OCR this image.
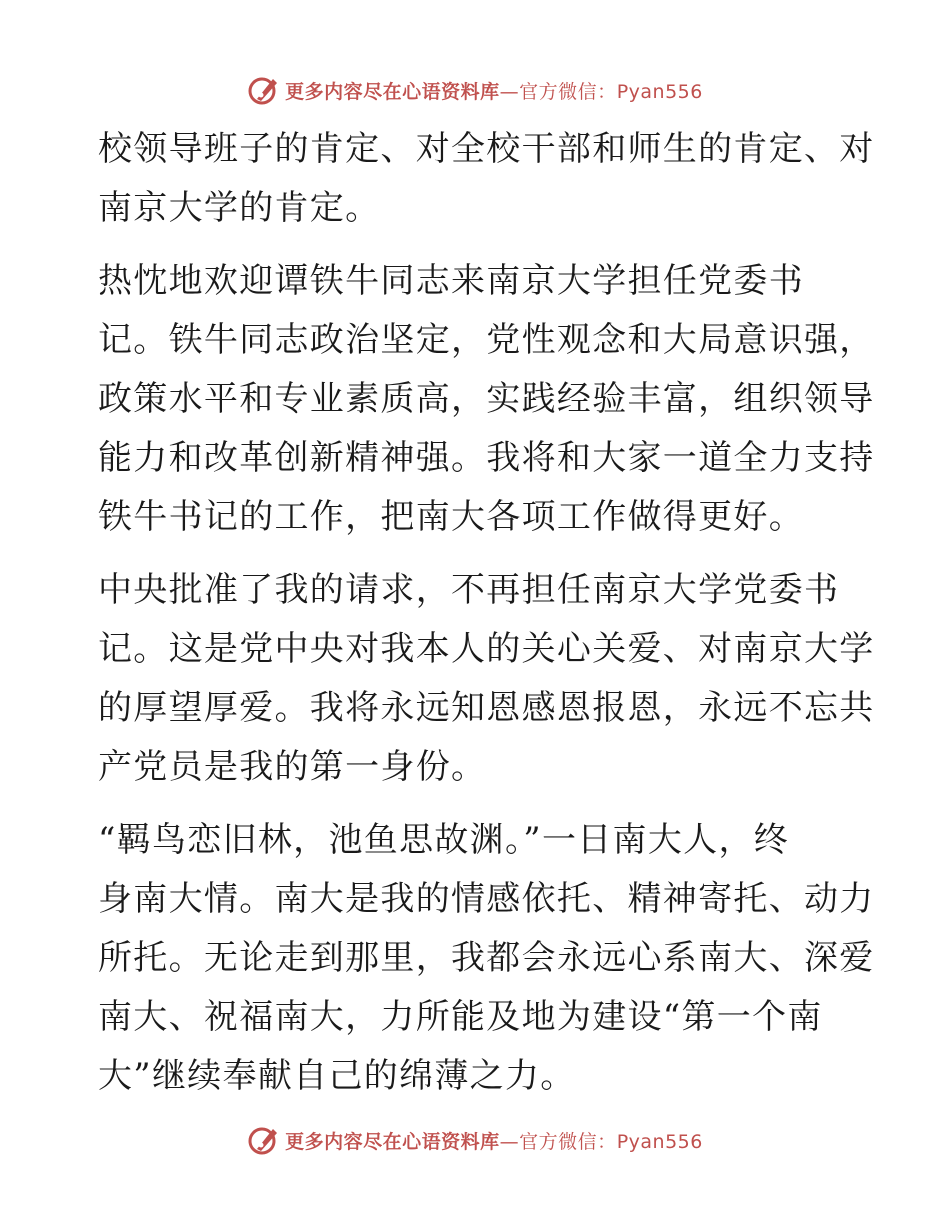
更多内容尽在心语资料库—官方微信：Pyan556

校领导班子的肯定、对全校干部和师生的肯定、对
南京大学的肯定。

热忱地欢迎谭铁牛同志来南京大学担任党委书
记。铁牛同志政治坚定，党性观念和大局意识强，
政策水平和专业素质高，实践经验丰富，组织领导
能力和改革创新精神强。我将和大家一道全力支持
铁牛书记的工作，把南大各项工作做得更好。

中央批准了我的请求，不再担任南京大学党委书
记。这是党中央对我本人的关心关爱、对南京大学
的厚望厚爱。我将永远知恩感恩报恩，永远不忘共
产党员是我的第一身份。

“羁鸟恋旧林，池鱼思故渊。”一日南大人，终
身南大情。南大是我的情感依托、精神寄托、动力
所托。无论走到那里，我都会永远心系南大、深爱
南大、祝福南大，力所能及地为建设“第一个南
大”继续奉献自己的绵薄之力。

更多内容尽在心语资料库—官方微信：Pyan556
